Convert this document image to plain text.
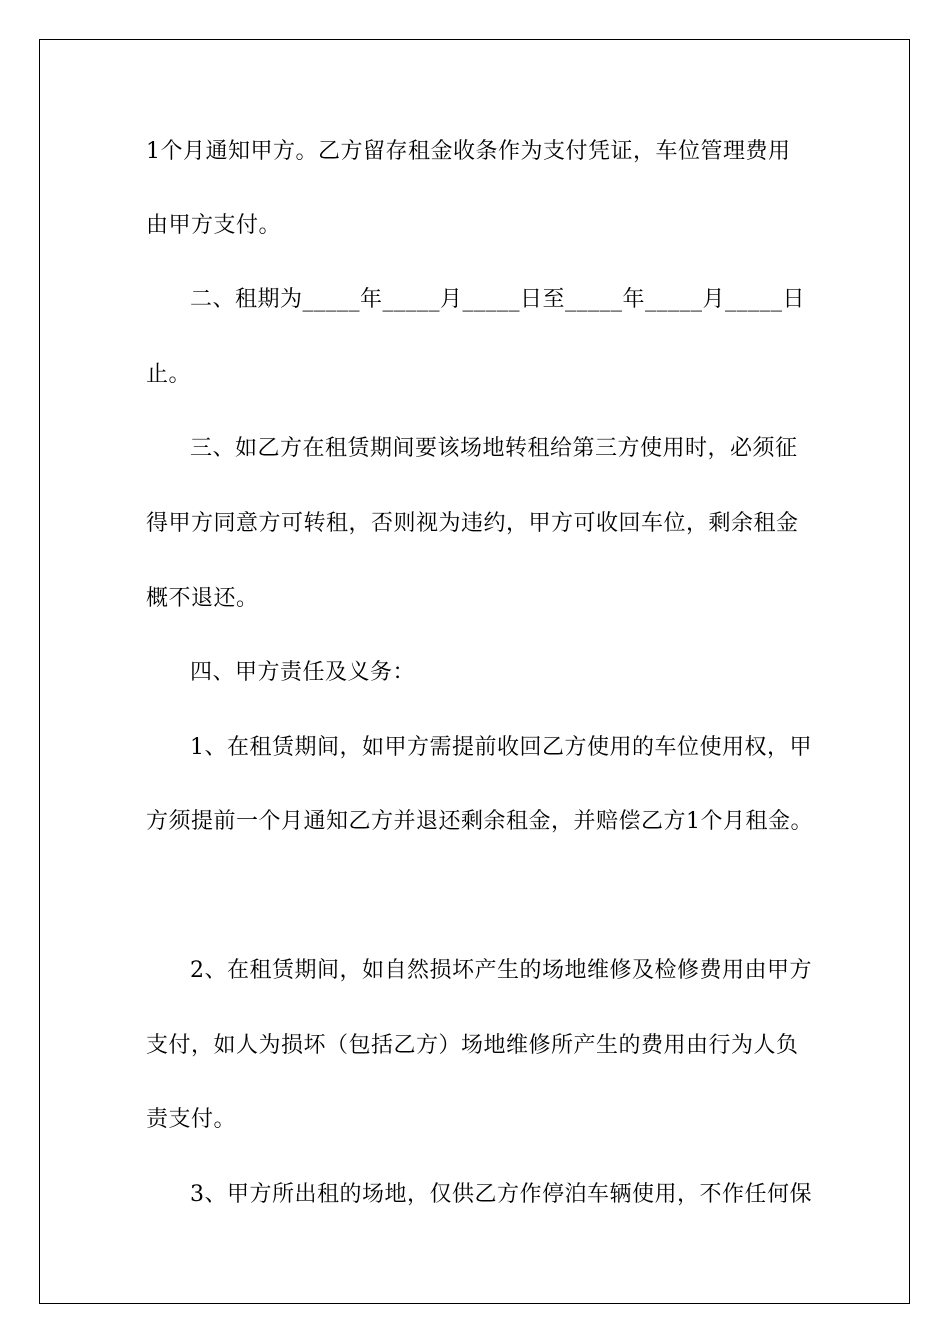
1个月通知甲方。乙方留存租金收条作为支付凭证，车位管理费用

由甲方支付。

二、租期为_____年_____月_____日至_____年_____月_____日

止。

三、如乙方在租赁期间要该场地转租给第三方使用时，必须征

得甲方同意方可转租，否则视为违约，甲方可收回车位，剩余租金

概不退还。

四、甲方责任及义务：

1、在租赁期间，如甲方需提前收回乙方使用的车位使用权，甲

方须提前一个月通知乙方并退还剩余租金，并赔偿乙方1个月租金。

2、在租赁期间，如自然损坏产生的场地维修及检修费用由甲方

支付，如人为损坏（包括乙方）场地维修所产生的费用由行为人负

责支付。

3、甲方所出租的场地，仅供乙方作停泊车辆使用，不作任何保
